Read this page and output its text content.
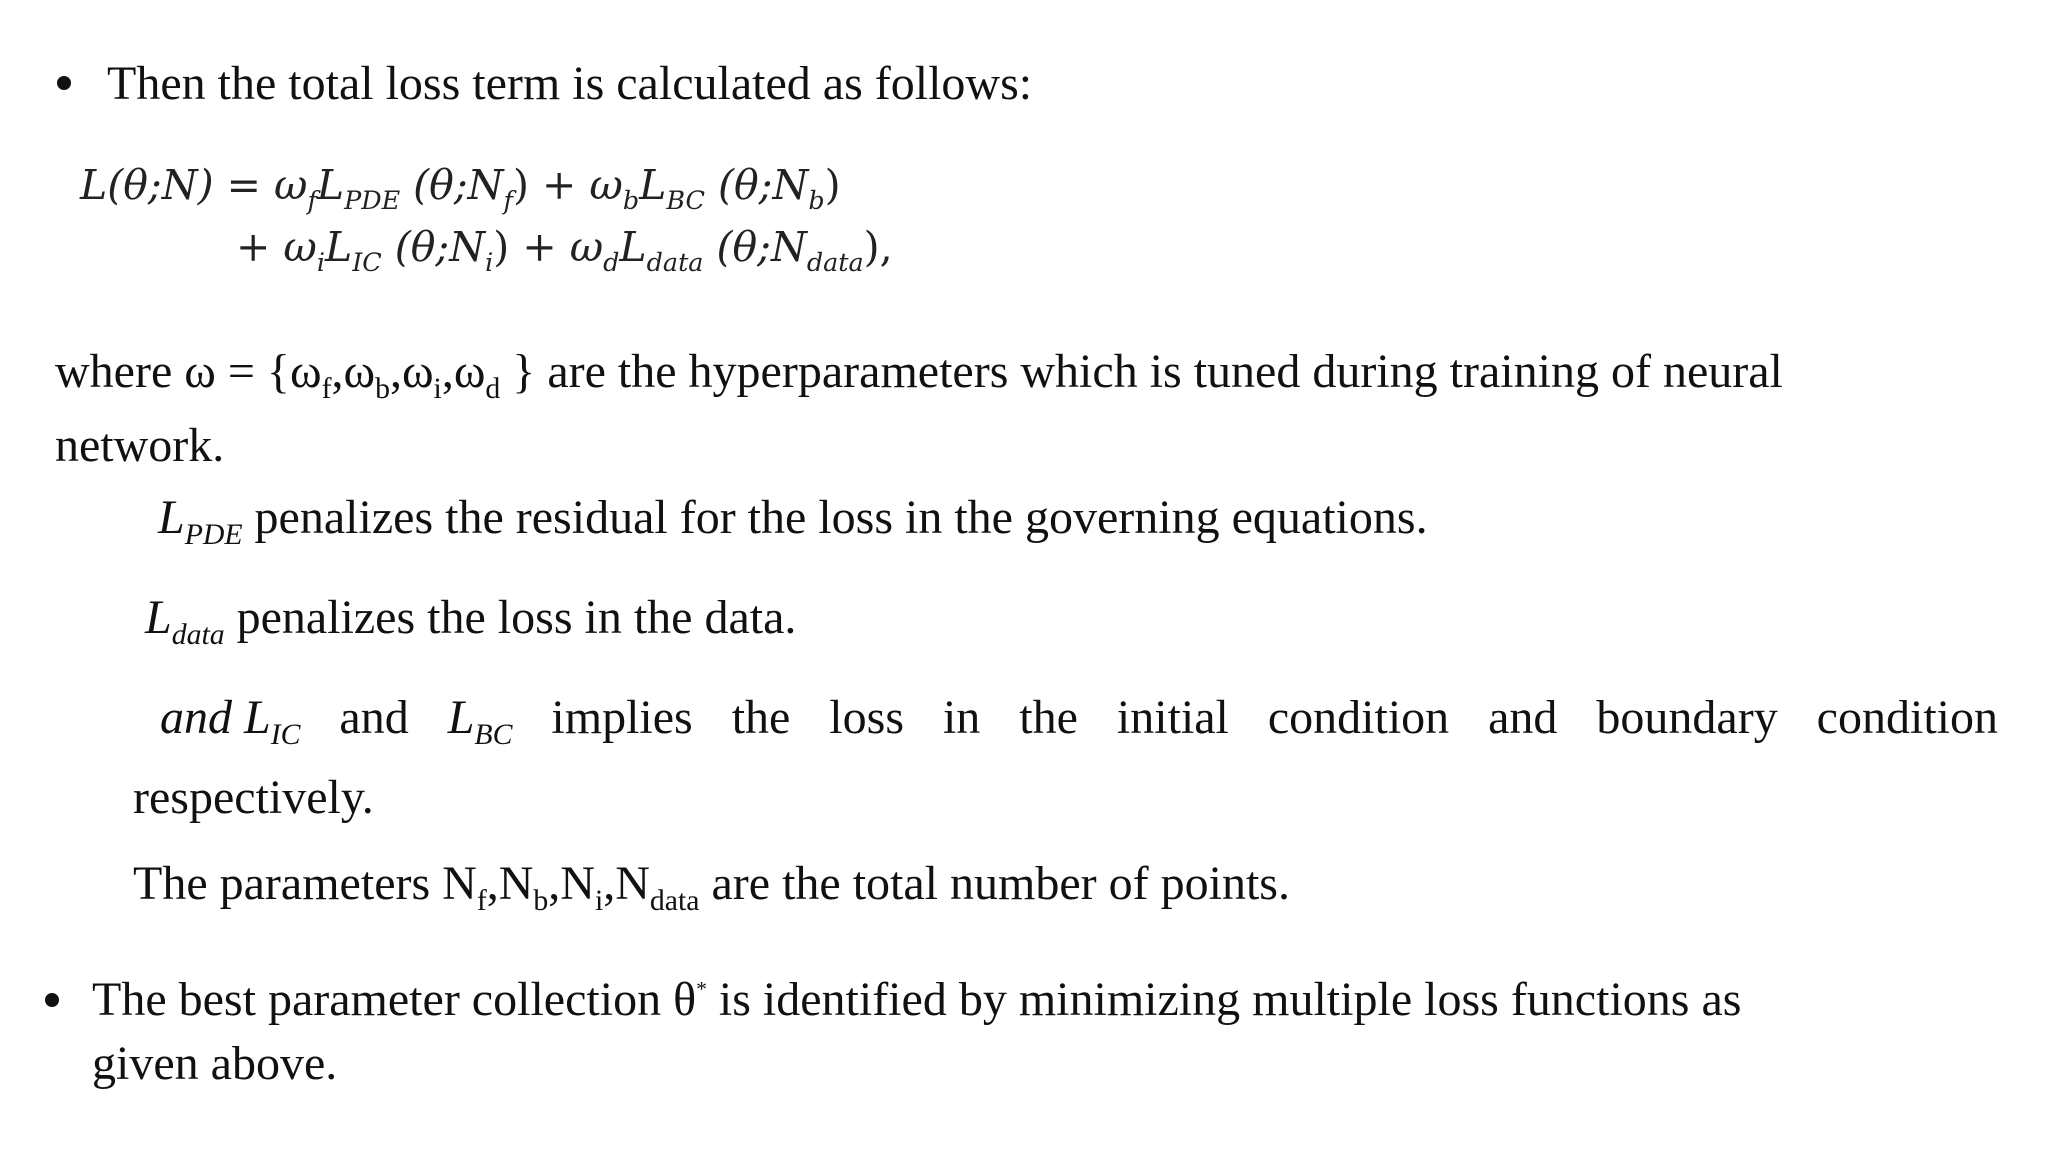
Then the total loss term is calculated as follows:
L(θ;N) = $\omega_fL_{PDE}$ $(\theta;N_f) + \omega_bL_{BC}$ $(\theta;N_b)$
+ $\omega_iL_{IC}$ $(\theta;N_i) + \omega_dL_{data}$ $(\theta;N_{data})$,
where $\omega = \{\omega_f,\omega_b,\omega_i,\omega_d$ } are the hyperparameters which is tuned during training of neural
network.
$L_{PDE}$ penalizes the residual for the loss in the governing equations.
$L_{data}$ penalizes the loss in the data.
and $L_{IC}$ and $L_{BC}$ implies the loss in the initial condition and boundary condition
respectively.
The parameters $N_f,N_b,N_i,N_{data}$ are the total number of points.
The best parameter collection θ* is identified by minimizing multiple loss functions as
given above.
